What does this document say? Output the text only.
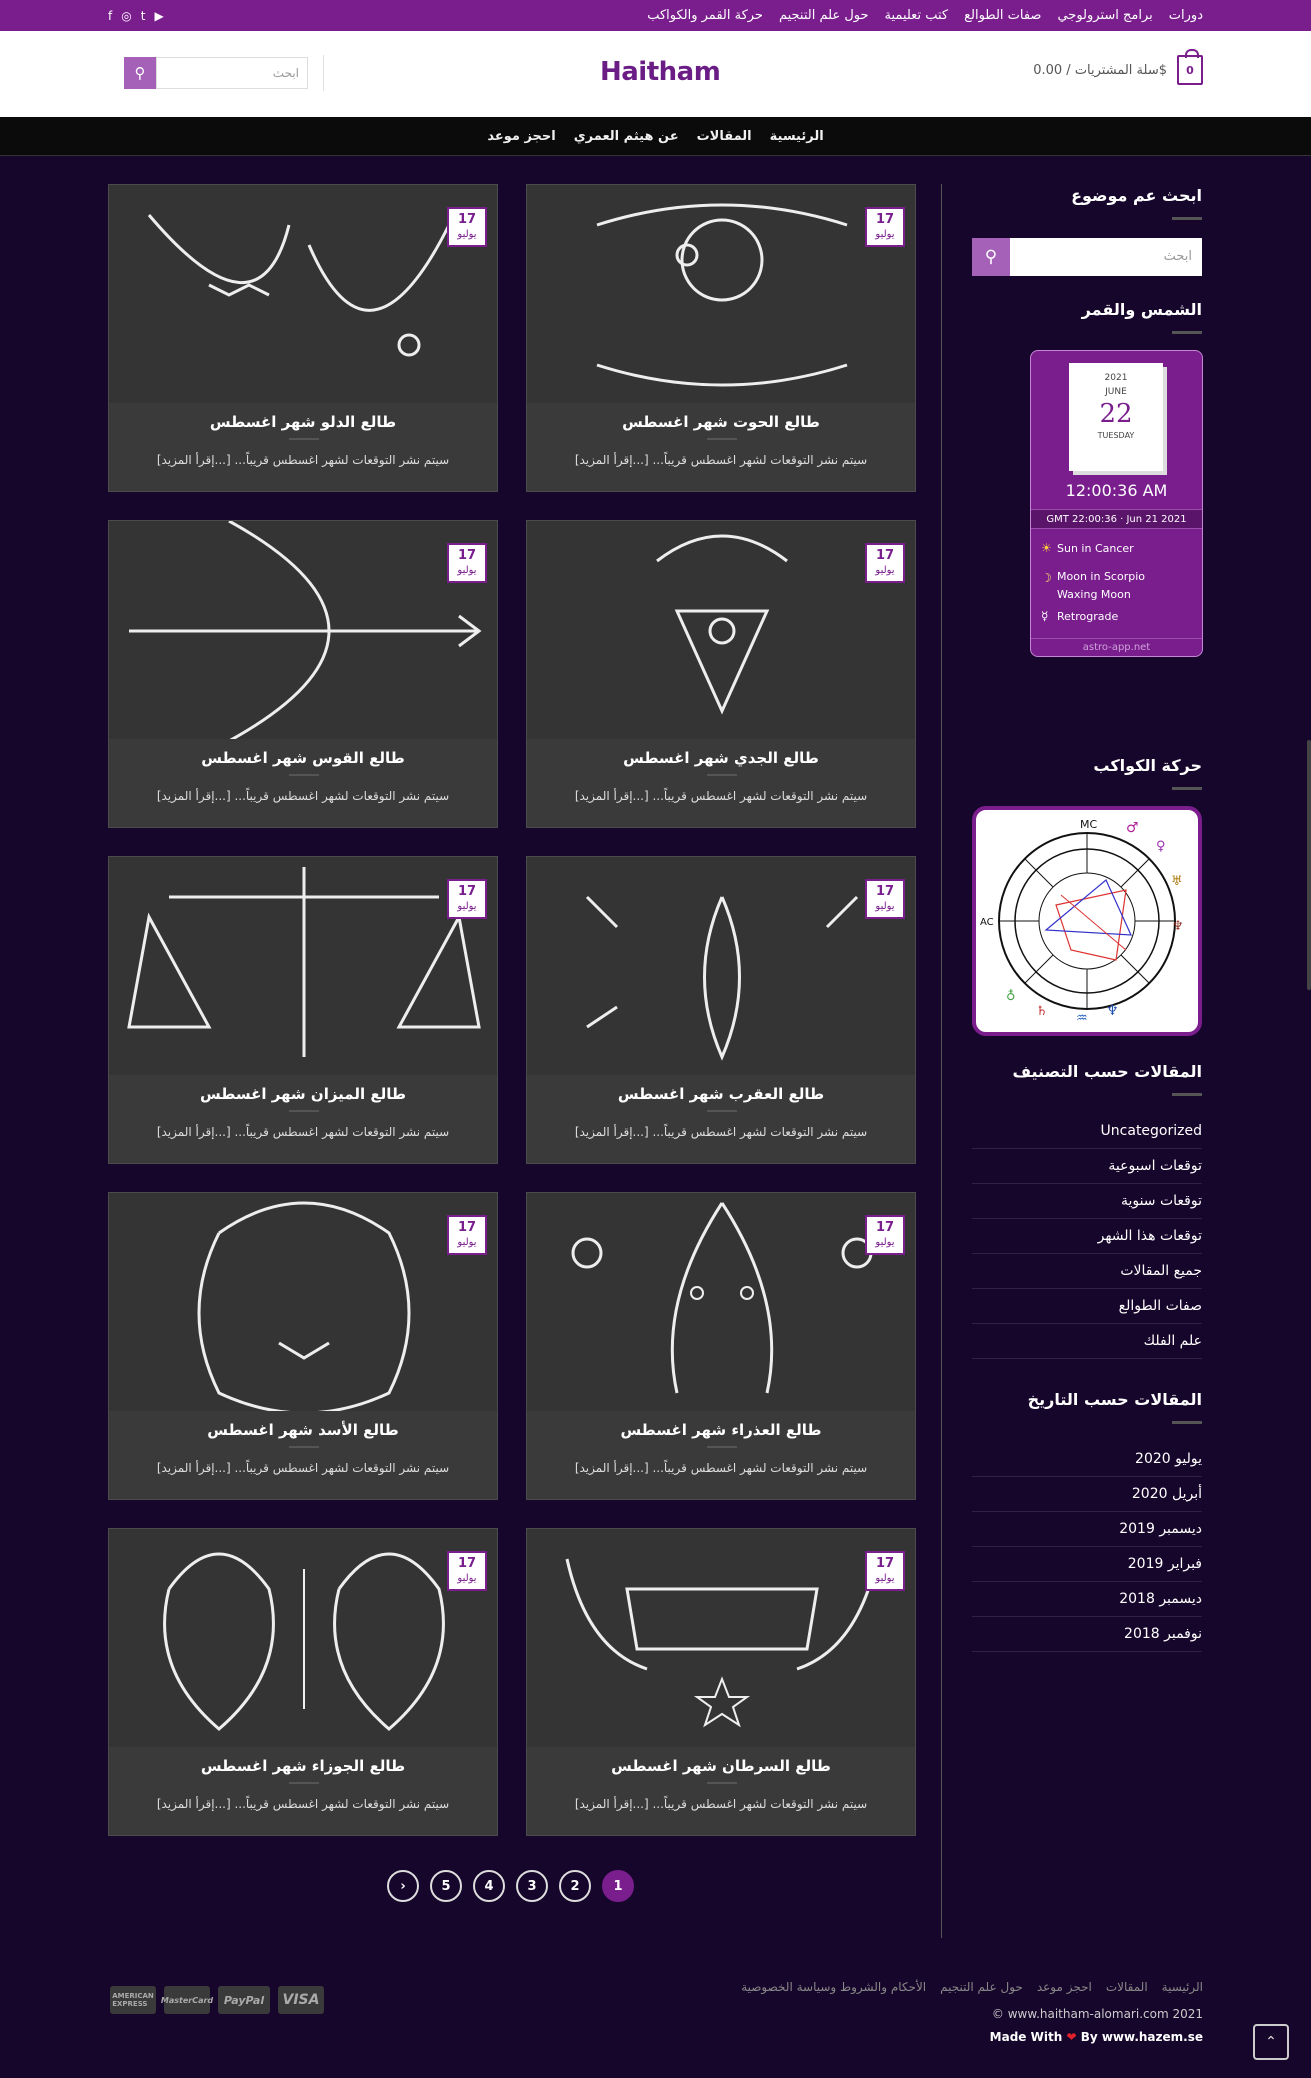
f ◎ t ▶	دورات
برامج استرولوجي
صفات الطوالع
كتب تعليمية
حول علم التنجيم
حركة القمر والكواكب
سلة المشتريات / 0.00$ 0
Haitham
⚲	ابحث
الرئيسية
المقالات
عن هيثم العمري
احجز موعد
17
يوليو
طالع الحوت شهر اغسطس
سيتم نشر التوقعات لشهر اغسطس قريباً... [...إقرأ المزيد]
17
يوليو
طالع الدلو شهر اغسطس
سيتم نشر التوقعات لشهر اغسطس قريباً... [...إقرأ المزيد]
17
يوليو
طالع الجدي شهر اغسطس
سيتم نشر التوقعات لشهر اغسطس قريباً... [...إقرأ المزيد]
17
يوليو
طالع القوس شهر اغسطس
سيتم نشر التوقعات لشهر اغسطس قريباً... [...إقرأ المزيد]
17
يوليو
طالع العقرب شهر اغسطس
سيتم نشر التوقعات لشهر اغسطس قريباً... [...إقرأ المزيد]
17
يوليو
طالع الميزان شهر اغسطس
سيتم نشر التوقعات لشهر اغسطس قريباً... [...إقرأ المزيد]
17
يوليو
طالع العذراء شهر اغسطس
سيتم نشر التوقعات لشهر اغسطس قريباً... [...إقرأ المزيد]
17
يوليو
طالع الأسد شهر اغسطس
سيتم نشر التوقعات لشهر اغسطس قريباً... [...إقرأ المزيد]
17
يوليو
طالع السرطان شهر اغسطس
سيتم نشر التوقعات لشهر اغسطس قريباً... [...إقرأ المزيد]
17
يوليو
طالع الجوزاء شهر اغسطس
سيتم نشر التوقعات لشهر اغسطس قريباً... [...إقرأ المزيد]
›	5	4	3	2	1
ابحث عم موضوع
⚲	ابحث
الشمس والقمر
2021
JUNE
22
TUESDAY
12:00:36 AM
GMT 22:00:36 · Jun 21 2021
☀ Sun in Cancer
☽ Moon in Scorpio
Waxing Moon
☿ Retrograde
astro-app.net
حركة الكواكب
MC
AC
♂
♀
♅
♆
♆
♒
♄
♁
المقالات حسب التصنيف
Uncategorized
توقعات اسبوعية
توقعات سنوية
توقعات هذا الشهر
جميع المقالات
صفات الطوالع
علم الفلك
المقالات حسب التاريخ
يوليو 2020
أبريل 2020
ديسمبر 2019
فبراير 2019
ديسمبر 2018
نوفمبر 2018
الرئيسية
المقالات
احجز موعد
حول علم التنجيم
الأحكام والشروط وسياسة الخصوصية
© www.haitham-alomari.com 2021
Made With ❤ By www.hazem.se
AMERICAN EXPRESS	MasterCard PayPal	VISA
⌃
